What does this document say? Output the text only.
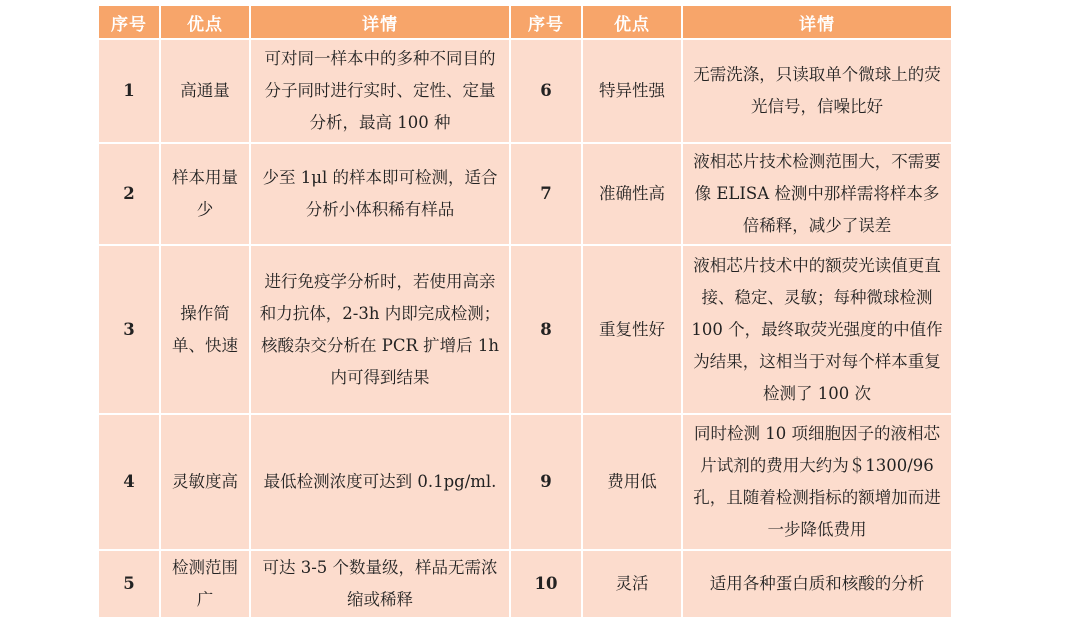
序号	优点	详情	序号	优点	详情
1	高通量	可对同一样本中的多种不同目的分子同时进行实时、定性、定量分析，最高 100 种	6	特异性强	无需洗涤，只读取单个微球上的荧光信号，信噪比好
2	样本用量少	少至 1μl 的样本即可检测，适合分析小体积稀有样品	7	准确性高	液相芯片技术检测范围大，不需要像 ELISA 检测中那样需将样本多倍稀释，减少了误差
3	操作简单、快速	进行免疫学分析时，若使用高亲和力抗体，2-3h 内即完成检测；核酸杂交分析在 PCR 扩增后 1h 内可得到结果	8	重复性好	液相芯片技术中的额荧光读值更直接、稳定、灵敏；每种微球检测 100 个，最终取荧光强度的中值作为结果，这相当于对每个样本重复检测了 100 次
4	灵敏度高	最低检测浓度可达到 0.1pg/ml.	9	费用低	同时检测 10 项细胞因子的液相芯片试剂的费用大约为＄1300/96 孔，且随着检测指标的额增加而进一步降低费用
5	检测范围广	可达 3-5 个数量级，样品无需浓缩或稀释	10	灵活	适用各种蛋白质和核酸的分析
